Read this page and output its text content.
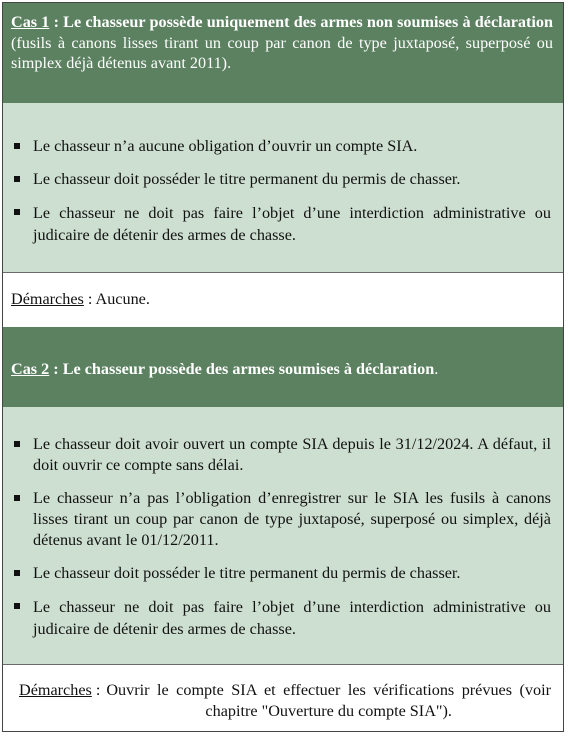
Cas 1 : Le chasseur possède uniquement des armes non soumises à déclaration (fusils à canons lisses tirant un coup par canon de type juxtaposé, superposé ou simplex déjà détenus avant 2011).
Le chasseur n’a aucune obligation d’ouvrir un compte SIA.
Le chasseur doit posséder le titre permanent du permis de chasser.
Le chasseur ne doit pas faire l’objet d’une interdiction administrative ou judicaire de détenir des armes de chasse.
Démarches : Aucune.
Cas 2 : Le chasseur possède des armes soumises à déclaration.
Le chasseur doit avoir ouvert un compte SIA depuis le 31/12/2024. A défaut, il doit ouvrir ce compte sans délai.
Le chasseur n’a pas l’obligation d’enregistrer sur le SIA les fusils à canons lisses tirant un coup par canon de type juxtaposé, superposé ou simplex, déjà détenus avant le 01/12/2011.
Le chasseur doit posséder le titre permanent du permis de chasser.
Le chasseur ne doit pas faire l’objet d’une interdiction administrative ou judicaire de détenir des armes de chasse.
Démarches : Ouvrir le compte SIA et effectuer les vérifications prévues (voir chapitre "Ouverture du compte SIA").
